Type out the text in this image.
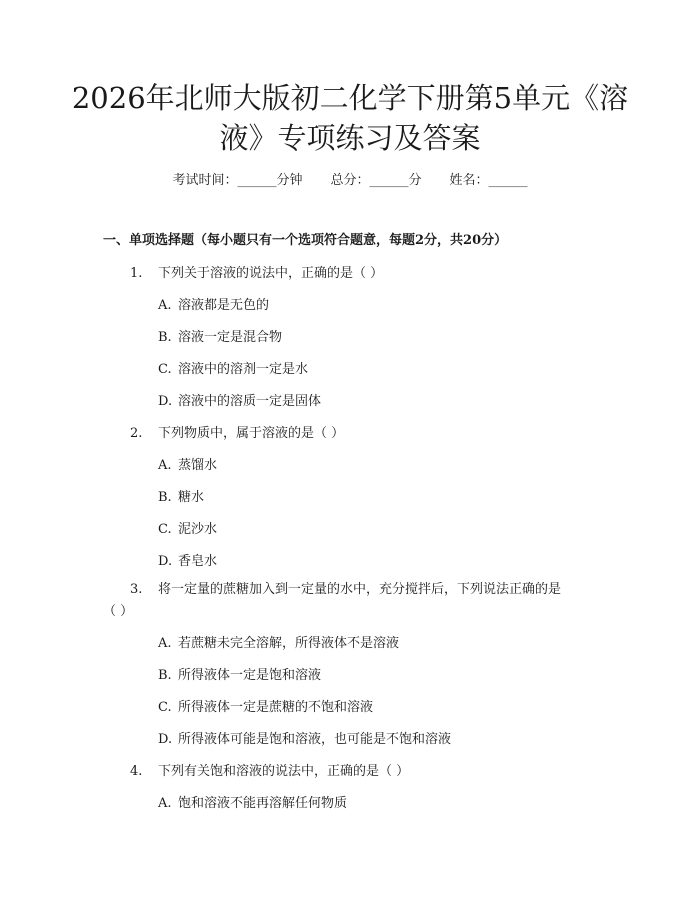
2026年北师大版初二化学下册第5单元《溶
液》专项练习及答案
考试时间：______分钟 总分：______分 姓名：______
一、单项选择题（每小题只有一个选项符合题意，每题2分，共20分）
1. 下列关于溶液的说法中，正确的是（ ）
A. 溶液都是无色的
B. 溶液一定是混合物
C. 溶液中的溶剂一定是水
D. 溶液中的溶质一定是固体
2. 下列物质中，属于溶液的是（ ）
A. 蒸馏水
B. 糖水
C. 泥沙水
D. 香皂水
3. 将一定量的蔗糖加入到一定量的水中，充分搅拌后，下列说法正确的是
（ ）
A. 若蔗糖未完全溶解，所得液体不是溶液
B. 所得液体一定是饱和溶液
C. 所得液体一定是蔗糖的不饱和溶液
D. 所得液体可能是饱和溶液，也可能是不饱和溶液
4. 下列有关饱和溶液的说法中，正确的是（ ）
A. 饱和溶液不能再溶解任何物质
